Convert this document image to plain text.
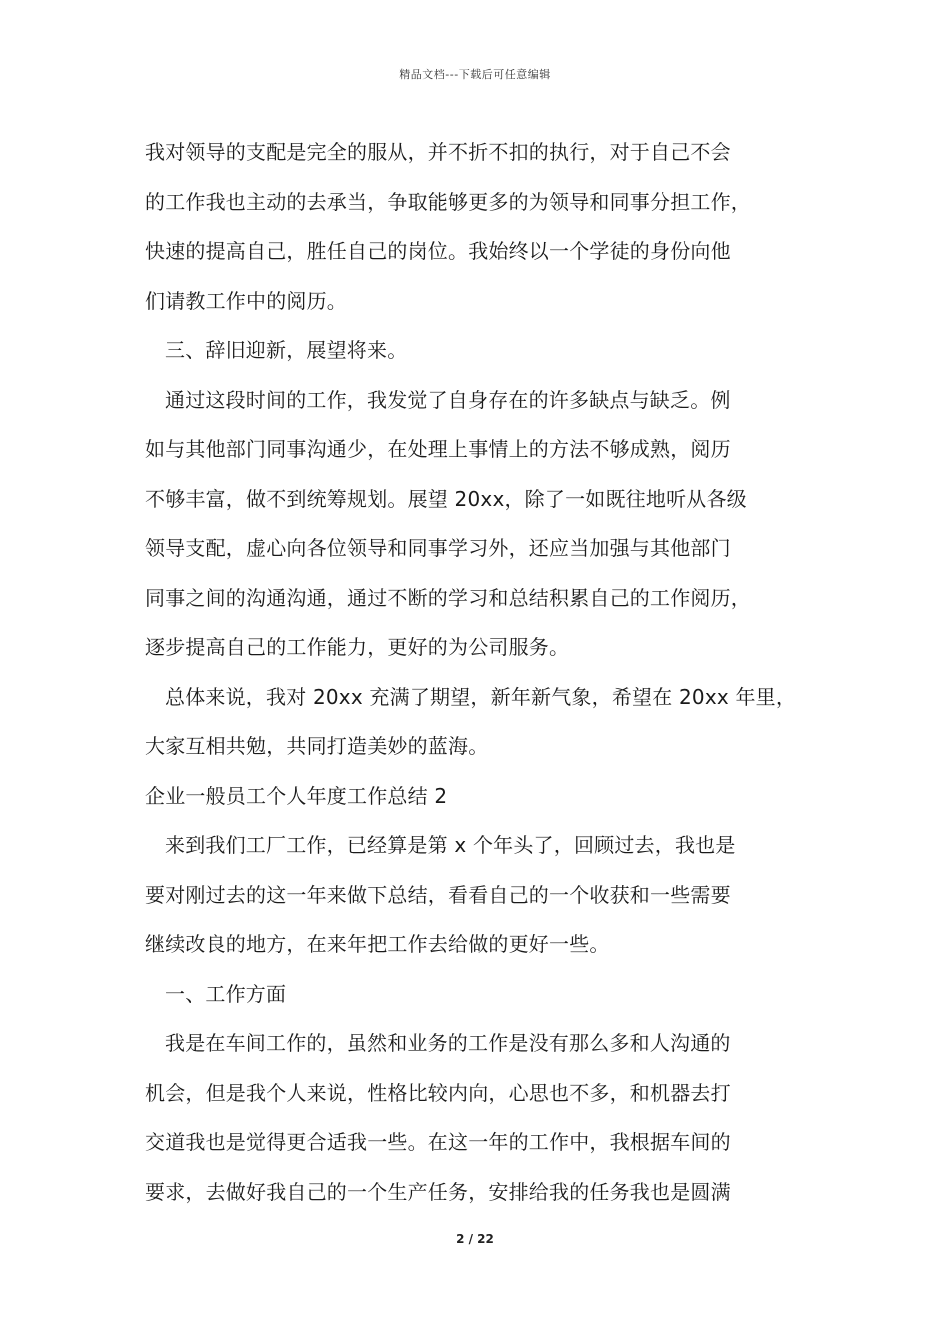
精品文档---下载后可任意编辑
我对领导的支配是完全的服从，并不折不扣的执行，对于自己不会
的工作我也主动的去承当，争取能够更多的为领导和同事分担工作，
快速的提高自己，胜任自己的岗位。我始终以一个学徒的身份向他
们请教工作中的阅历。
三、辞旧迎新，展望将来。
通过这段时间的工作，我发觉了自身存在的许多缺点与缺乏。例
如与其他部门同事沟通少，在处理上事情上的方法不够成熟，阅历
不够丰富，做不到统筹规划。展望 20xx，除了一如既往地听从各级
领导支配，虚心向各位领导和同事学习外，还应当加强与其他部门
同事之间的沟通沟通，通过不断的学习和总结积累自己的工作阅历，
逐步提高自己的工作能力，更好的为公司服务。
总体来说，我对 20xx 充满了期望，新年新气象，希望在 20xx 年里，
大家互相共勉，共同打造美妙的蓝海。
企业一般员工个人年度工作总结 2
来到我们工厂工作，已经算是第 x 个年头了，回顾过去，我也是
要对刚过去的这一年来做下总结，看看自己的一个收获和一些需要
继续改良的地方，在来年把工作去给做的更好一些。
一、工作方面
我是在车间工作的，虽然和业务的工作是没有那么多和人沟通的
机会，但是我个人来说，性格比较内向，心思也不多，和机器去打
交道我也是觉得更合适我一些。在这一年的工作中，我根据车间的
要求，去做好我自己的一个生产任务，安排给我的任务我也是圆满
2 / 22
